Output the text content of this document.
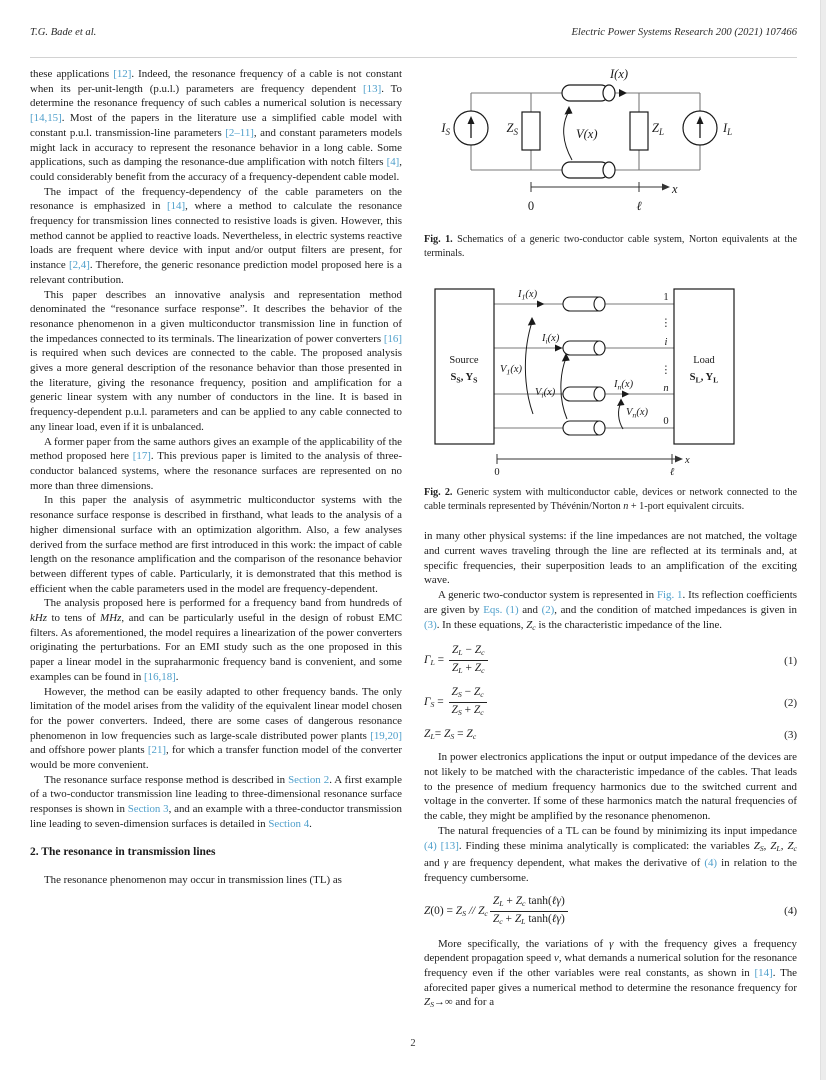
T.G. Bade et al.	Electric Power Systems Research 200 (2021) 107466

these applications [12]. Indeed, the resonance frequency of a cable is not constant when its per-unit-length (p.u.l.) parameters are frequency dependent [13]. To determine the resonance frequency of such cables a numerical solution is necessary [14,15]. Most of the papers in the literature use a simplified cable model with constant p.u.l. transmission-line parameters [2–11], and constant parameters models might lack in accuracy to represent the resonance behavior in a long cable. Some applications, such as damping the resonance-due amplification with notch filters [4], could considerably benefit from the accuracy of a frequency-dependent cable model.

The impact of the frequency-dependency of the cable parameters on the resonance is emphasized in [14], where a method to calculate the resonance frequency for transmission lines connected to resistive loads is given. However, this method cannot be applied to reactive loads. Nevertheless, in electric systems reactive loads are frequent where device with input and/or output filters are present, for instance [2,4]. Therefore, the generic resonance prediction model proposed here is a relevant contribution.

This paper describes an innovative analysis and representation method denominated the “resonance surface response”. It describes the behavior of the resonance phenomenon in a given multiconductor transmission line in function of the impedances connected to its terminals. The linearization of power converters [16] is required when such devices are connected to the cable. The proposed analysis gives a more general description of the resonance behavior than those presented in the literature, giving the resonance frequency, position and amplification for a generic linear system with any number of conductors in the line. It is based in frequency-dependent p.u.l. parameters and can be applied to any cable connected to any linear load, even if it is unbalanced.

A former paper from the same authors gives an example of the applicability of the method proposed here [17]. This previous paper is limited to the analysis of three-conductor balanced systems, where the resonance surfaces are represented on no more than three dimensions.

In this paper the analysis of asymmetric multiconductor systems with the resonance surface response is described in firsthand, what leads to the analysis of a higher dimensional surface with an optimization algorithm. Also, a few analyses derived from the surface method are first introduced in this work: the impact of cable length on the resonance amplification and the comparison of the resonance behavior between different types of cable. Particularly, it is demonstrated that this method is efficient when the cable parameters used in the model are frequency-dependent.

The analysis proposed here is performed for a frequency band from hundreds of kHz to tens of MHz, and can be particularly useful in the design of robust EMC filters. As aforementioned, the model requires a linearization of the power converters originating the perturbations. For an EMI study such as the one proposed in this paper a linear model in the supraharmonic frequency band is convenient, and some examples can be found in [16,18].

However, the method can be easily adapted to other frequency bands. The only limitation of the model arises from the validity of the equivalent linear model chosen for the power converters. Indeed, there are some cases of dangerous resonance phenomenon in low frequencies such as large-scale distributed power plants [19,20] and offshore power plants [21], for which a transfer function model of the converter would be more convenient.

The resonance surface response method is described in Section 2. A first example of a two-conductor transmission line leading to three-dimensional resonance surface responses is shown in Section 3, and an example with a three-conductor transmission line leading to seven-dimension surfaces is detailed in Section 4.

2. The resonance in transmission lines

The resonance phenomenon may occur in transmission lines (TL) as

I(x)
$I_S$	$Z_S$	V(x)	$Z_L$	$I_L$
0	ℓ
x
Fig. 1. Schematics of a generic two-conductor cable system, Norton equivalents at the terminals.
Source
$S_S$, $Y_S$
Load
$S_L$, $Y_L$
$I_1(x)$
$I_i(x)$
$I_n(x)$
$V_1(x)$
$V_i(x)$
$V_n(x)$
1
⋮
i
⋮
n
0
0	ℓ
x
Fig. 2. Generic system with multiconductor cable, devices or network connected to the cable terminals represented by Thévénin/Norton n + 1-port equivalent circuits.

in many other physical systems: if the line impedances are not matched, the voltage and current waves traveling through the line are reflected at its terminals and, at specific frequencies, their superposition leads to an amplification of the exciting wave.

A generic two-conductor system is represented in Fig. 1. Its reflection coefficients are given by Eqs. (1) and (2), and the condition of matched impedances is given in (3). In these equations, Zc is the characteristic impedance of the line.

$\Gamma L = \frac{ZL - Zc}{ZL + Zc}$	(1)
$\Gamma S = \frac{ZS - Zc}{ZS + Zc}$	(2)
ZL= ZS = Zc	(3)

In power electronics applications the input or output impedance of the devices are not likely to be matched with the characteristic impedance of the cables. That leads to the presence of medium frequency harmonics due to the switched current and voltage in the converter. If some of these harmonics match the natural frequencies of the cable, they might be amplified by the resonance phenomenon.

The natural frequencies of a TL can be found by minimizing its input impedance (4) [13]. Finding these minima analytically is complicated: the variables ZS, ZL, Zc and γ are frequency dependent, what makes the derivative of (4) in relation to the frequency cumbersome.

Z(0) = ZS // Zc $\frac{\text{ZL + Zc tanh(ℓγ)}}{\text{Zc + ZL tanh(ℓγ)}}$	(4)

More specifically, the variations of γ with the frequency gives a frequency dependent propagation speed v, what demands a numerical solution for the resonance frequency even if the other variables were real constants, as shown in [14]. The aforecited paper gives a numerical method to determine the resonance frequency for ZS→∞ and for a

2
